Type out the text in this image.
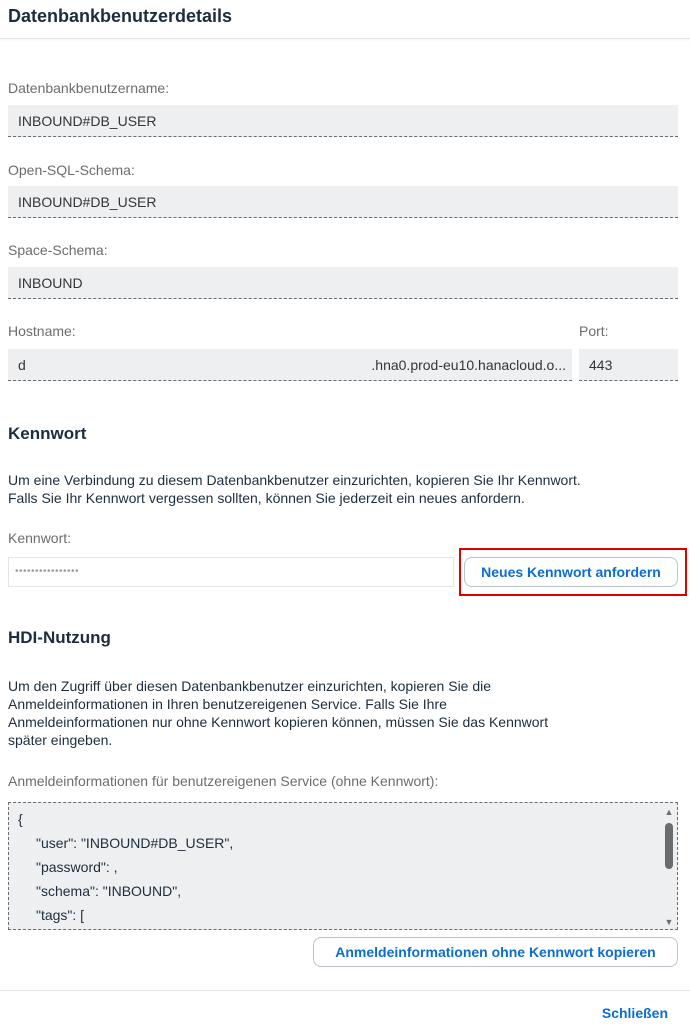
Datenbankbenutzerdetails
Datenbankbenutzername:
INBOUND#DB_USER
Open-SQL-Schema:
INBOUND#DB_USER
Space-Schema:
INBOUND
Hostname:
d	.hna0.prod-eu10.hanacloud.o...
Port:
443
Kennwort
Um eine Verbindung zu diesem Datenbankbenutzer einzurichten, kopieren Sie Ihr Kennwort.
Falls Sie Ihr Kennwort vergessen sollten, können Sie jederzeit ein neues anfordern.
Kennwort:
••••••••••••••••	Neues Kennwort anfordern
HDI-Nutzung
Um den Zugriff über diesen Datenbankbenutzer einzurichten, kopieren Sie die
Anmeldeinformationen in Ihren benutzereigenen Service. Falls Sie Ihre
Anmeldeinformationen nur ohne Kennwort kopieren können, müssen Sie das Kennwort
später eingeben.
Anmeldeinformationen für benutzereigenen Service (ohne Kennwort):
{
"user": "INBOUND#DB_USER",
"password": ,
"schema": "INBOUND",
"tags": [
▲
▼
Anmeldeinformationen ohne Kennwort kopieren
Schließen
